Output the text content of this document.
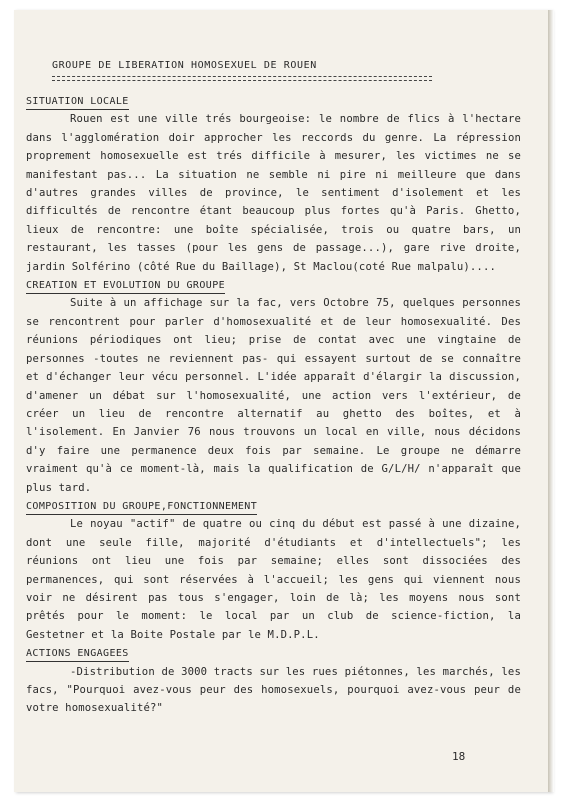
GROUPE DE LIBERATION HOMOSEXUEL DE ROUEN
SITUATION LOCALE

Rouen est une ville trés bourgeoise: le nombre de flics à l'hectare dans l'agglomération doir approcher les reccords du genre. La répression proprement homosexuelle est trés difficile à mesurer, les victimes ne se manifestant pas... La situation ne semble ni pire ni meilleure que dans d'autres grandes villes de province, le sentiment d'isolement et les difficultés de rencontre étant beaucoup plus fortes qu'à Paris. Ghetto, lieux de rencontre: une boîte spécialisée, trois ou quatre bars, un restaurant, les tasses (pour les gens de passage...), gare rive droite, jardin Solférino (côté Rue du Baillage), St Maclou(coté Rue malpalu)....

CREATION ET EVOLUTION DU GROUPE

Suite à un affichage sur la fac, vers Octobre 75, quelques personnes se rencontrent pour parler d'homosexualité et de leur homosexualité. Des réunions périodiques ont lieu; prise de contat avec une vingtaine de personnes -toutes ne reviennent pas- qui essayent surtout de se connaître et d'échanger leur vécu personnel. L'idée apparaît d'élargir la discussion, d'amener un débat sur l'homosexualité, une action vers l'extérieur, de créer un lieu de rencontre alternatif au ghetto des boîtes, et à l'isolement. En Janvier 76 nous trouvons un local en ville, nous décidons d'y faire une permanence deux fois par semaine. Le groupe ne démarre vraiment qu'à ce moment-là, mais la qualification de G/L/H/ n'apparaît que plus tard.

COMPOSITION DU GROUPE,FONCTIONNEMENT

Le noyau "actif" de quatre ou cinq du début est passé à une dizaine, dont une seule fille, majorité d'étudiants et d'intellectuels"; les réunions ont lieu une fois par semaine; elles sont dissociées des permanences, qui sont réservées à l'accueil; les gens qui viennent nous voir ne désirent pas tous s'engager, loin de là; les moyens nous sont prêtés pour le moment: le local par un club de science-fiction, la Gestetner et la Boite Postale par le M.D.P.L.

ACTIONS ENGAGEES

-Distribution de 3000 tracts sur les rues piétonnes, les marchés, les facs, "Pourquoi avez-vous peur des homosexuels, pourquoi avez-vous peur de votre homosexualité?"

18
